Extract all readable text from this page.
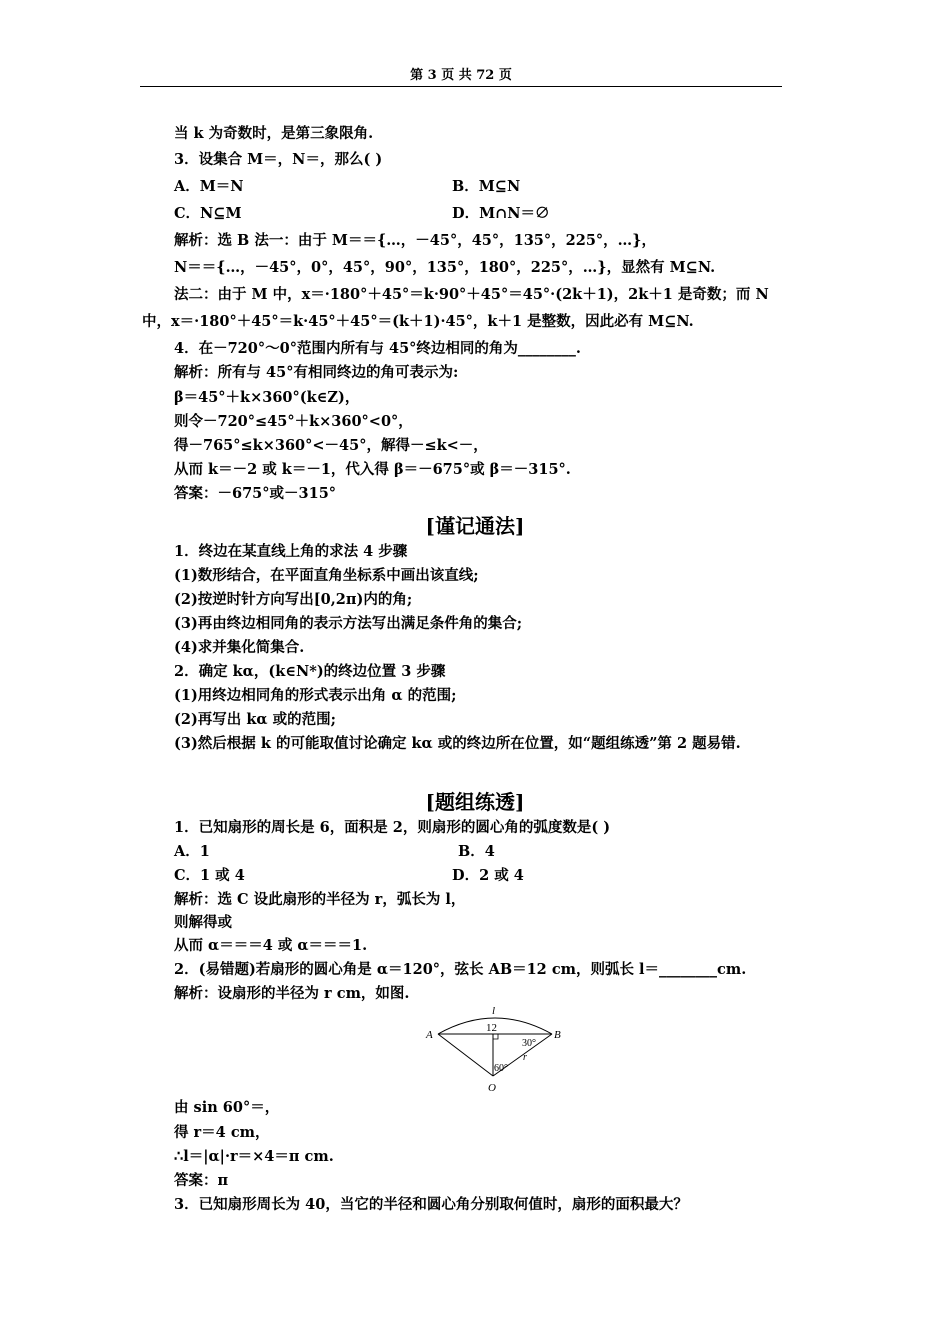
第 3 页 共 72 页
当 k 为奇数时，是第三象限角.
3．设集合 M＝，N＝，那么( )
A．M＝N	B．M⊆N
C．N⊆M	D．M∩N＝∅
解析：选 B 法一：由于 M＝＝{…，－45°，45°，135°，225°，…}，
N＝＝{…，－45°，0°，45°，90°，135°，180°，225°，…}，显然有 M⊆N.
法二：由于 M 中，x＝·180°＋45°＝k·90°＋45°＝45°·(2k＋1)，2k＋1 是奇数；而 N
中，x＝·180°＋45°＝k·45°＋45°＝(k＋1)·45°，k＋1 是整数，因此必有 M⊆N.
4．在－720°～0°范围内所有与 45°终边相同的角为________.
解析：所有与 45°有相同终边的角可表示为:
β＝45°＋k×360°(k∈Z)，
则令－720°≤45°＋k×360°<0°，
得－765°≤k×360°<－45°，解得－≤k<－，
从而 k＝－2 或 k＝－1，代入得 β＝－675°或 β＝－315°.
答案：－675°或－315°
1．终边在某直线上角的求法 4 步骤
(1)数形结合，在平面直角坐标系中画出该直线;
(2)按逆时针方向写出[0,2π)内的角;
(3)再由终边相同角的表示方法写出满足条件角的集合;
(4)求并集化简集合.
2．确定 kα，(k∈N*)的终边位置 3 步骤
(1)用终边相同角的形式表示出角 α 的范围;
(2)再写出 kα 或的范围;
(3)然后根据 k 的可能取值讨论确定 kα 或的终边所在位置，如“题组练透”第 2 题易错.
1．已知扇形的周长是 6，面积是 2，则扇形的圆心角的弧度数是( )
A．1	B．4
C．1 或 4	D．2 或 4
解析：选 C 设此扇形的半径为 r，弧长为 l，
则解得或
从而 α＝＝＝4 或 α＝＝＝1.
2．(易错题)若扇形的圆心角是 α＝120°，弦长 AB＝12 cm，则弧长 l＝________cm.
解析：设扇形的半径为 r cm，如图.
由 sin 60°＝，
得 r＝4 cm，
∴l＝|α|·r＝×4＝π cm.
答案：π
3．已知扇形周长为 40，当它的半径和圆心角分别取何值时，扇形的面积最大？
[谨记通法]
[题组练透]
l
12
A	B
30°
60°
r
O
